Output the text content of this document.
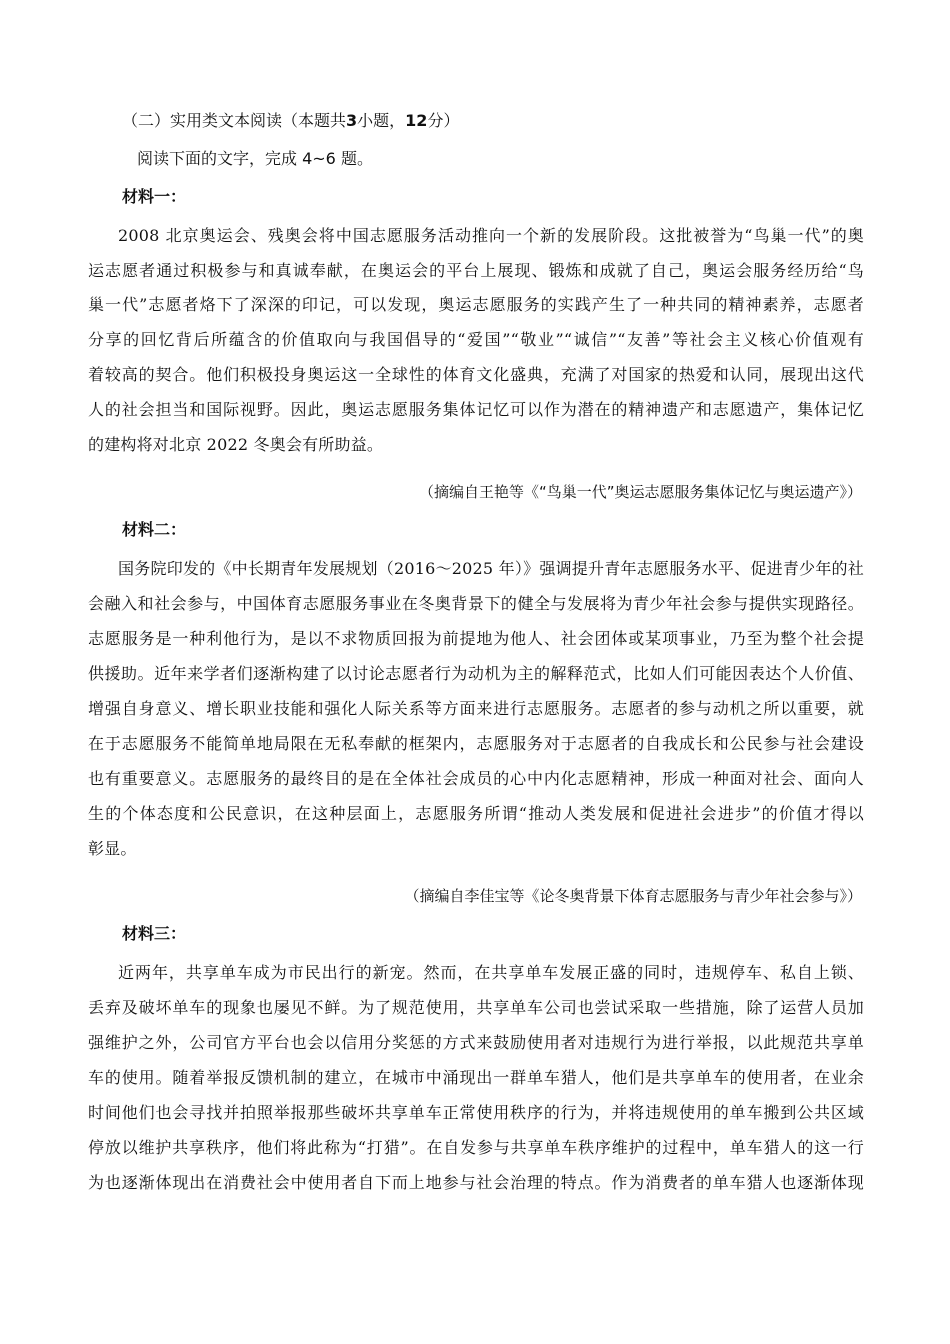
（二）实用类文本阅读（本题共3小题，12分）
阅读下面的文字，完成 4~6 题。
材料一：
2008 北京奥运会、残奥会将中国志愿服务活动推向一个新的发展阶段。这批被誉为“鸟巢一代”的奥
运志愿者通过积极参与和真诚奉献，在奥运会的平台上展现、锻炼和成就了自己，奥运会服务经历给“鸟
巢一代”志愿者烙下了深深的印记，可以发现，奥运志愿服务的实践产生了一种共同的精神素养，志愿者
分享的回忆背后所蕴含的价值取向与我国倡导的“爱国”“敬业”“诚信”“友善”等社会主义核心价值观有
着较高的契合。他们积极投身奥运这一全球性的体育文化盛典，充满了对国家的热爱和认同，展现出这代
人的社会担当和国际视野。因此，奥运志愿服务集体记忆可以作为潜在的精神遗产和志愿遗产，集体记忆
的建构将对北京 2022 冬奥会有所助益。
（摘编自王艳等《“鸟巢一代”奥运志愿服务集体记忆与奥运遗产》）
材料二：
国务院印发的《中长期青年发展规划（2016～2025 年）》强调提升青年志愿服务水平、促进青少年的社
会融入和社会参与，中国体育志愿服务事业在冬奥背景下的健全与发展将为青少年社会参与提供实现路径。
志愿服务是一种利他行为，是以不求物质回报为前提地为他人、社会团体或某项事业，乃至为整个社会提
供援助。近年来学者们逐渐构建了以讨论志愿者行为动机为主的解释范式，比如人们可能因表达个人价值、
增强自身意义、增长职业技能和强化人际关系等方面来进行志愿服务。志愿者的参与动机之所以重要，就
在于志愿服务不能简单地局限在无私奉献的框架内，志愿服务对于志愿者的自我成长和公民参与社会建设
也有重要意义。志愿服务的最终目的是在全体社会成员的心中内化志愿精神，形成一种面对社会、面向人
生的个体态度和公民意识，在这种层面上，志愿服务所谓“推动人类发展和促进社会进步”的价值才得以
彰显。
（摘编自李佳宝等《论冬奥背景下体育志愿服务与青少年社会参与》）
材料三：
近两年，共享单车成为市民出行的新宠。然而，在共享单车发展正盛的同时，违规停车、私自上锁、
丢弃及破坏单车的现象也屡见不鲜。为了规范使用，共享单车公司也尝试采取一些措施，除了运营人员加
强维护之外，公司官方平台也会以信用分奖惩的方式来鼓励使用者对违规行为进行举报，以此规范共享单
车的使用。随着举报反馈机制的建立，在城市中涌现出一群单车猎人，他们是共享单车的使用者，在业余
时间他们也会寻找并拍照举报那些破坏共享单车正常使用秩序的行为，并将违规使用的单车搬到公共区域
停放以维护共享秩序，他们将此称为“打猎”。在自发参与共享单车秩序维护的过程中，单车猎人的这一行
为也逐渐体现出在消费社会中使用者自下而上地参与社会治理的特点。作为消费者的单车猎人也逐渐体现
